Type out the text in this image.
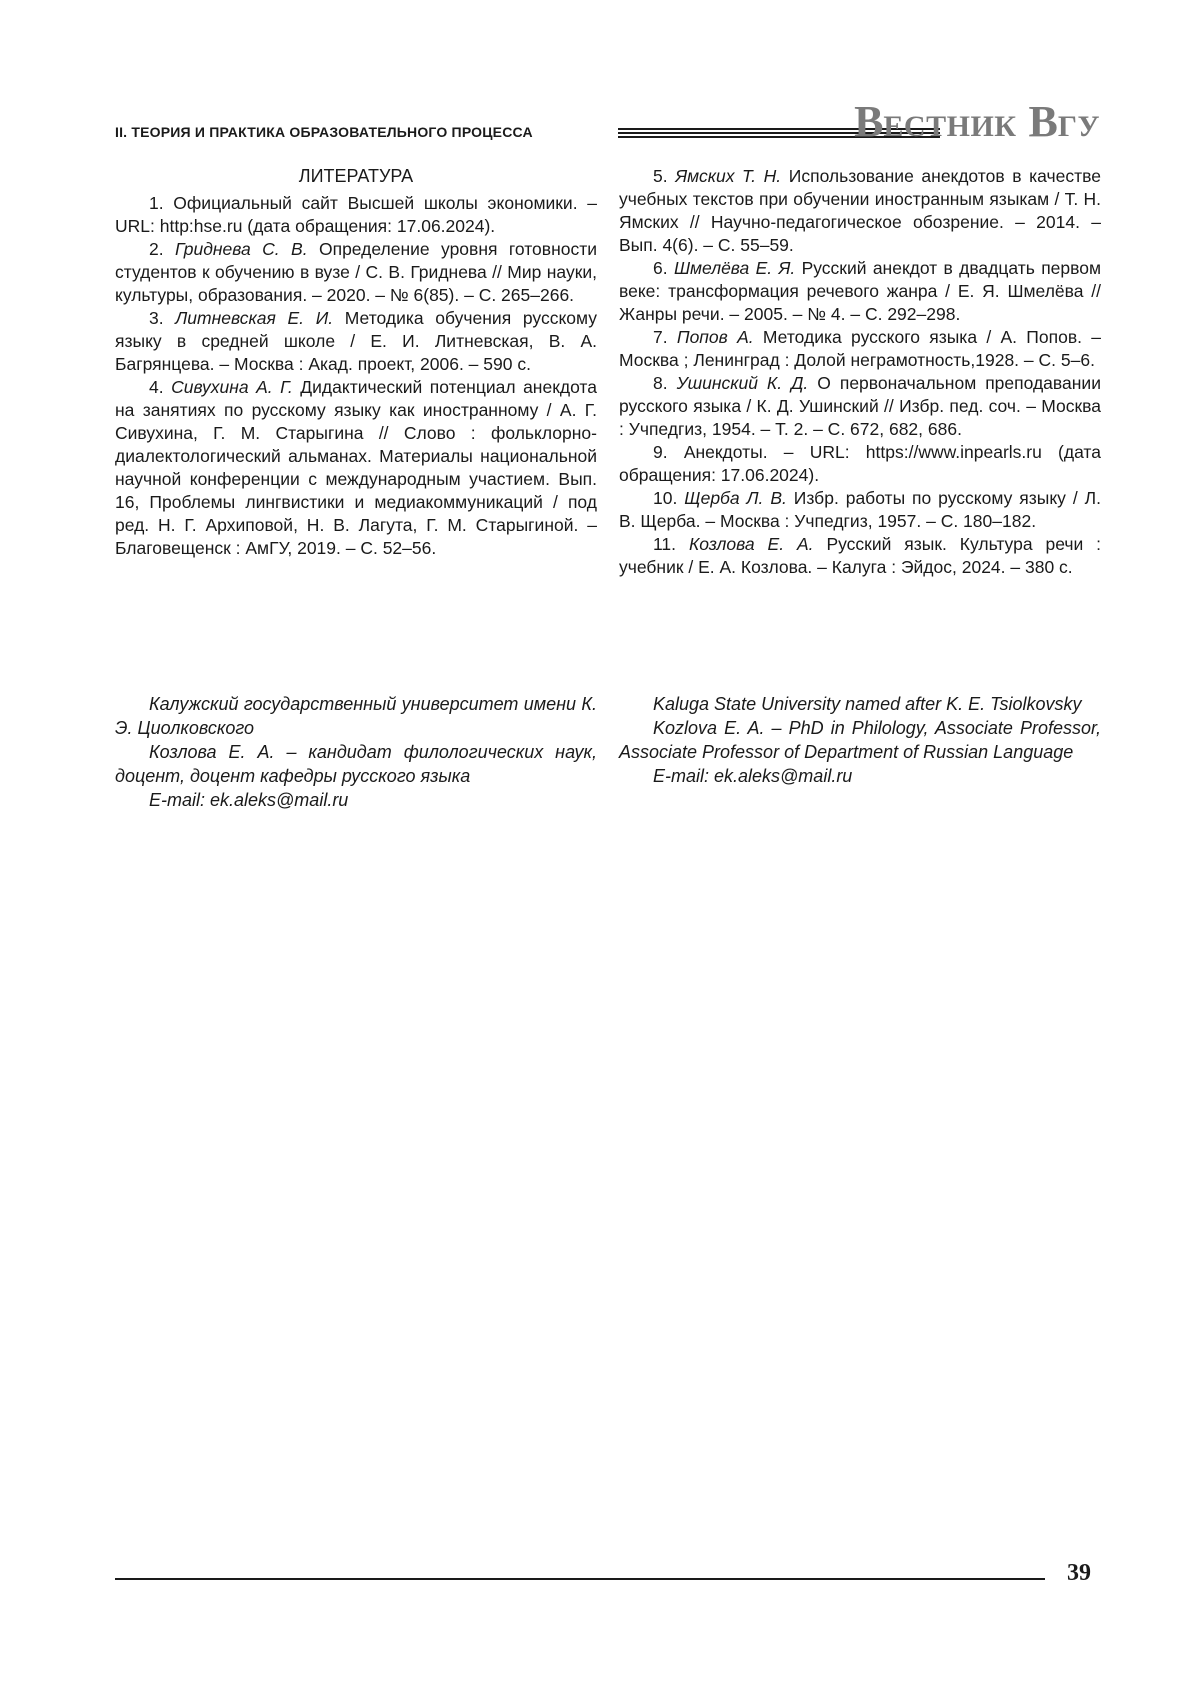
II. ТЕОРИЯ И ПРАКТИКА ОБРАЗОВАТЕЛЬНОГО ПРОЦЕССА	ВЕСТНИК ВГУ

ЛИТЕРАТУРА

1. Официальный сайт Высшей школы экономики. – URL: http:hse.ru (дата обращения: 17.06.2024).

2. Гриднева С. В. Определение уровня готовности студентов к обучению в вузе / С. В. Гриднева // Мир науки, культуры, образования. – 2020. – № 6(85). – С. 265–266.

3. Литневская Е. И. Методика обучения русскому языку в средней школе / Е. И. Литневская, В. А. Багрянцева. – Москва : Акад. проект, 2006. – 590 с.

4. Сивухина А. Г. Дидактический потенциал анекдота на занятиях по русскому языку как иностранному / А. Г. Сивухина, Г. М. Старыгина // Слово : фольклорно-диалектологический альманах. Материалы национальной научной конференции с международным участием. Вып. 16, Проблемы лингвистики и медиакоммуникаций / под ред. Н. Г. Архиповой, Н. В. Лагута, Г. М. Старыгиной. – Благовещенск : АмГУ, 2019. – С. 52–56.

5. Ямских Т. Н. Использование анекдотов в качестве учебных текстов при обучении иностранным языкам / Т. Н. Ямских // Научно-педагогическое обозрение. – 2014. – Вып. 4(6). – С. 55–59.

6. Шмелёва Е. Я. Русский анекдот в двадцать первом веке: трансформация речевого жанра / Е. Я. Шмелёва // Жанры речи. – 2005. – № 4. – С. 292–298.

7. Попов А. Методика русского языка / А. Попов. – Москва ; Ленинград : Долой неграмотность,1928. – С. 5–6.

8. Ушинский К. Д. О первоначальном преподавании русского языка / К. Д. Ушинский // Избр. пед. соч. – Москва : Учпедгиз, 1954. – Т. 2. – С. 672, 682, 686.

9. Анекдоты. – URL: https://www.inpearls.ru (дата обращения: 17.06.2024).

10. Щерба Л. В. Избр. работы по русскому языку / Л. В. Щерба. – Москва : Учпедгиз, 1957. – С. 180–182.

11. Козлова Е. А. Русский язык. Культура речи : учебник / Е. А. Козлова. – Калуга : Эйдос, 2024. – 380 с.

Калужский государственный университет имени К. Э. Циолковского

Козлова Е. А. – кандидат филологических наук, доцент, доцент кафедры русского языка

E-mail: ek.aleks@mail.ru

Kaluga State University named after K. E. Tsiolkovsky

Kozlova E. A. – PhD in Philology, Associate Professor, Associate Professor of Department of Russian Language

E-mail: ek.aleks@mail.ru

39
